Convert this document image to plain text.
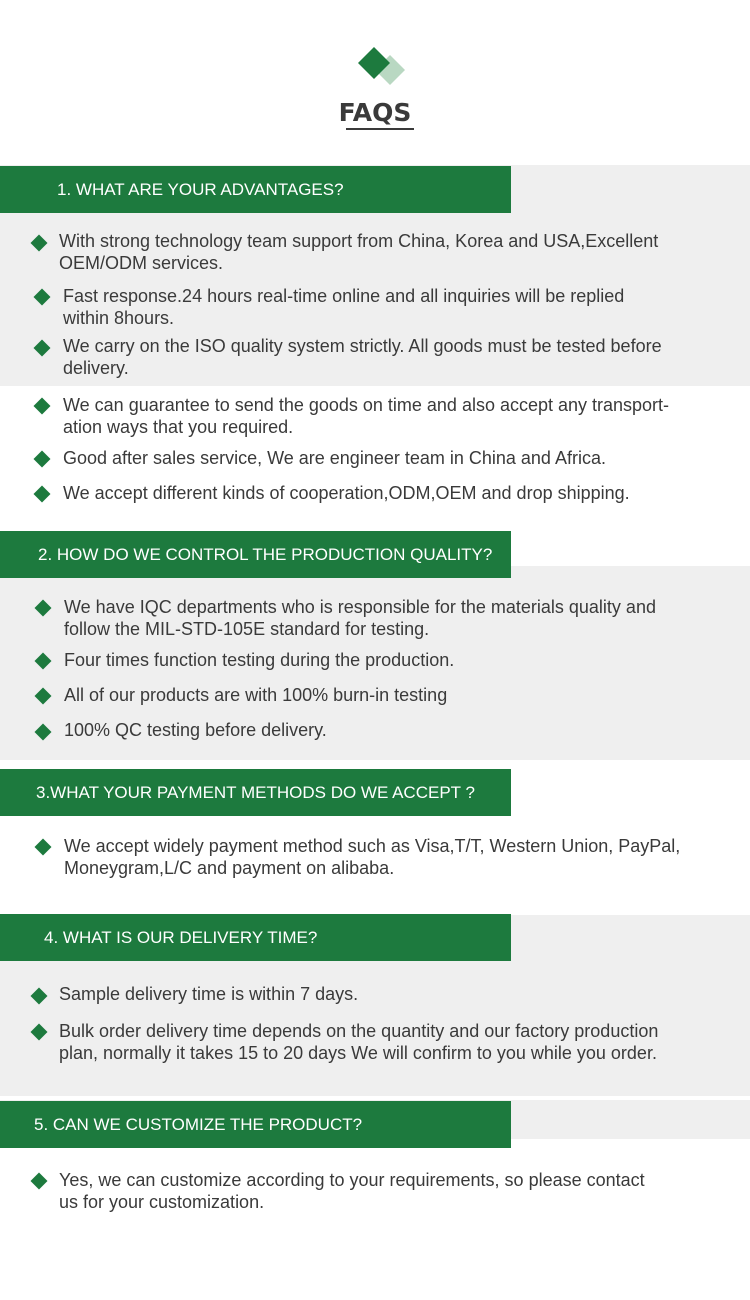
FAQS
1. WHAT ARE YOUR ADVANTAGES?
With strong technology team support from China, Korea and USA,Excellent
OEM/ODM services.
Fast response.24 hours real-time online and all inquiries will be replied
within 8hours.
We carry on the ISO quality system strictly. All goods must be tested before
delivery.
We can guarantee to send the goods on time and also accept any transport-
ation ways that you required.
Good after sales service, We are engineer team in China and Africa.
We accept different kinds of cooperation,ODM,OEM and drop shipping.
2. HOW DO WE CONTROL THE PRODUCTION QUALITY?
We have IQC departments who is responsible for the materials quality and
follow the MIL-STD-105E standard for testing.
Four times function testing during the production.
All of our products are with 100% burn-in testing
100% QC testing before delivery.
3.WHAT YOUR PAYMENT METHODS DO WE ACCEPT ?
We accept widely payment method such as Visa,T/T, Western Union, PayPal,
Moneygram,L/C and payment on alibaba.
4. WHAT IS OUR DELIVERY TIME?
Sample delivery time is within 7 days.
Bulk order delivery time depends on the quantity and our factory production
plan, normally it takes 15 to 20 days We will confirm to you while you order.
5. CAN WE CUSTOMIZE THE PRODUCT?
Yes, we can customize according to your requirements, so please contact
us for your customization.
